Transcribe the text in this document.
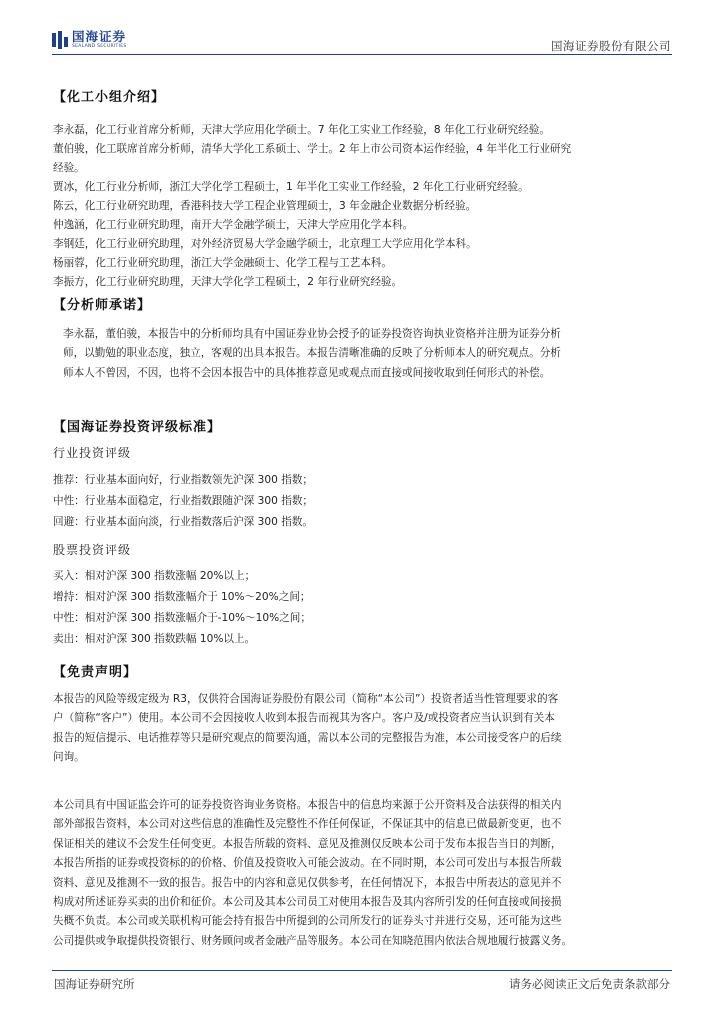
国海证券
SEALAND SECURITIES	国海证券股份有限公司
【化工小组介绍】
李永磊，化工行业首席分析师，天津大学应用化学硕士。7 年化工实业工作经验，8 年化工行业研究经验。
董伯骏，化工联席首席分析师，清华大学化工系硕士、学士。2 年上市公司资本运作经验，4 年半化工行业研究
经验。
贾冰，化工行业分析师，浙江大学化学工程硕士，1 年半化工实业工作经验，2 年化工行业研究经验。
陈云，化工行业研究助理，香港科技大学工程企业管理硕士，3 年金融企业数据分析经验。
仲逸涵，化工行业研究助理，南开大学金融学硕士，天津大学应用化学本科。
李钢廷，化工行业研究助理，对外经济贸易大学金融学硕士，北京理工大学应用化学本科。
杨丽蓉，化工行业研究助理，浙江大学金融硕士、化学工程与工艺本科。
李振方，化工行业研究助理，天津大学化学工程硕士，2 年行业研究经验。
【分析师承诺】
李永磊，董伯骏，本报告中的分析师均具有中国证券业协会授予的证券投资咨询执业资格并注册为证券分析
师，以勤勉的职业态度，独立，客观的出具本报告。本报告清晰准确的反映了分析师本人的研究观点。分析
师本人不曾因，不因，也将不会因本报告中的具体推荐意见或观点而直接或间接收取到任何形式的补偿。
【国海证券投资评级标准】
行业投资评级
推荐：行业基本面向好，行业指数领先沪深 300 指数；
中性：行业基本面稳定，行业指数跟随沪深 300 指数；
回避：行业基本面向淡，行业指数落后沪深 300 指数。
股票投资评级
买入：相对沪深 300 指数涨幅 20%以上；
增持：相对沪深 300 指数涨幅介于 10%～20%之间；
中性：相对沪深 300 指数涨幅介于-10%～10%之间；
卖出：相对沪深 300 指数跌幅 10%以上。
【免责声明】
本报告的风险等级定级为 R3，仅供符合国海证券股份有限公司（简称“本公司”）投资者适当性管理要求的客
户（简称“客户”）使用。本公司不会因接收人收到本报告而视其为客户。客户及/或投资者应当认识到有关本
报告的短信提示、电话推荐等只是研究观点的简要沟通，需以本公司的完整报告为准，本公司接受客户的后续
问询。
本公司具有中国证监会许可的证券投资咨询业务资格。本报告中的信息均来源于公开资料及合法获得的相关内
部外部报告资料，本公司对这些信息的准确性及完整性不作任何保证，不保证其中的信息已做最新变更，也不
保证相关的建议不会发生任何变更。本报告所载的资料、意见及推测仅反映本公司于发布本报告当日的判断，
本报告所指的证券或投资标的的价格、价值及投资收入可能会波动。在不同时期，本公司可发出与本报告所载
资料、意见及推测不一致的报告。报告中的内容和意见仅供参考，在任何情况下，本报告中所表达的意见并不
构成对所述证券买卖的出价和征价。本公司及其本公司员工对使用本报告及其内容所引发的任何直接或间接损
失概不负责。本公司或关联机构可能会持有报告中所提到的公司所发行的证券头寸并进行交易，还可能为这些
公司提供或争取提供投资银行、财务顾问或者金融产品等服务。本公司在知晓范围内依法合规地履行披露义务。
国海证券研究所	请务必阅读正文后免责条款部分
